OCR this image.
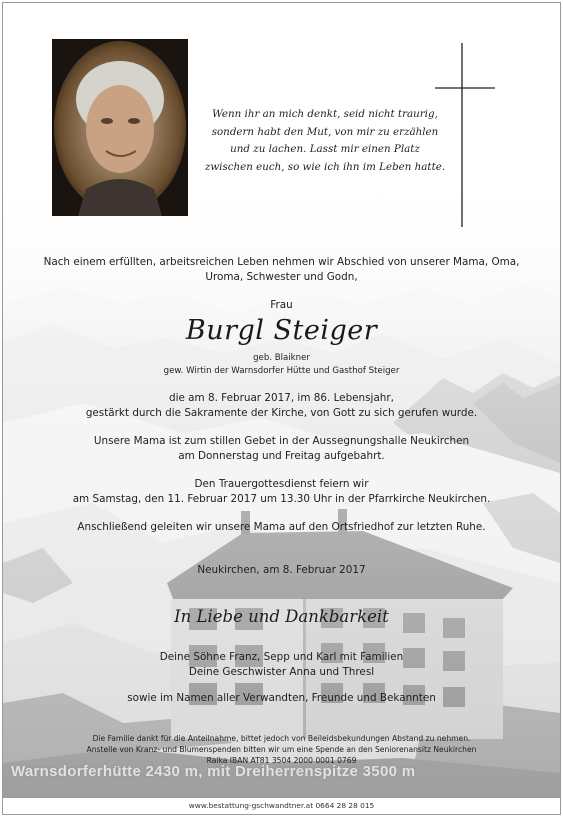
Wenn ihr an mich denkt, seid nicht traurig,
sondern habt den Mut, von mir zu erzählen
und zu lachen. Lasst mir einen Platz
zwischen euch, so wie ich ihn im Leben hatte.
Nach einem erfüllten, arbeitsreichen Leben nehmen wir Abschied von unserer Mama, Oma,
Uroma, Schwester und Godn,
Frau
Burgl Steiger
geb. Blaikner
gew. Wirtin der Warnsdorfer Hütte und Gasthof Steiger
die am 8. Februar 2017, im 86. Lebensjahr,
gestärkt durch die Sakramente der Kirche, von Gott zu sich gerufen wurde.
Unsere Mama ist zum stillen Gebet in der Aussegnungshalle Neukirchen
am Donnerstag und Freitag aufgebahrt.
Den Trauergottesdienst feiern wir
am Samstag, den 11. Februar 2017 um 13.30 Uhr in der Pfarrkirche Neukirchen.
Anschließend geleiten wir unsere Mama auf den Ortsfriedhof zur letzten Ruhe.
Neukirchen, am 8. Februar 2017
In Liebe und Dankbarkeit
Deine Söhne Franz, Sepp und Karl mit Familien
Deine Geschwister Anna und Thresl
sowie im Namen aller Verwandten, Freunde und Bekannten
Die Familie dankt für die Anteilnahme, bittet jedoch von Beileidsbekundungen Abstand zu nehmen.
Anstelle von Kranz- und Blumenspenden bitten wir um eine Spende an den Seniorenansitz Neukirchen
Raika IBAN AT81 3504 2000 0001 0769
Warnsdorferhütte 2430 m, mit Dreiherrenspitze 3500 m
www.bestattung-gschwandtner.at 0664 28 28 015
